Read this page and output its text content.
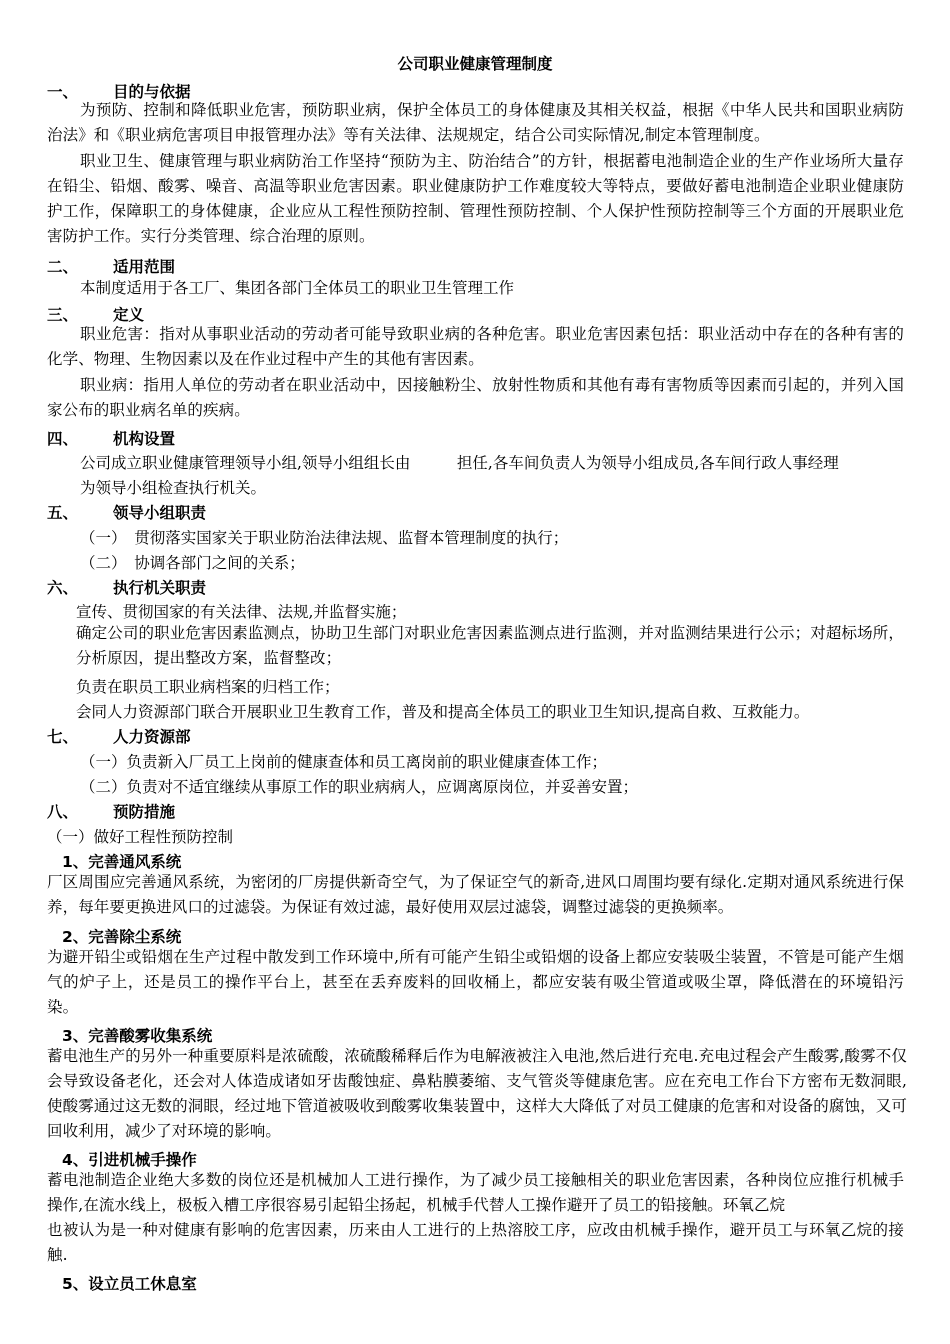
公司职业健康管理制度
一、 目的与依据

为预防、控制和降低职业危害，预防职业病，保护全体员工的身体健康及其相关权益，根据《中华人民共和国职业病防治法》和《职业病危害项目申报管理办法》等有关法律、法规规定，结合公司实际情况,制定本管理制度。

职业卫生、健康管理与职业病防治工作坚持“预防为主、防治结合”的方针，根据蓄电池制造企业的生产作业场所大量存在铅尘、铅烟、酸雾、噪音、高温等职业危害因素。职业健康防护工作难度较大等特点，要做好蓄电池制造企业职业健康防护工作，保障职工的身体健康，企业应从工程性预防控制、管理性预防控制、个人保护性预防控制等三个方面的开展职业危害防护工作。实行分类管理、综合治理的原则。

二、 适用范围

本制度适用于各工厂、集团各部门全体员工的职业卫生管理工作

三、 定义

职业危害：指对从事职业活动的劳动者可能导致职业病的各种危害。职业危害因素包括：职业活动中存在的各种有害的化学、物理、生物因素以及在作业过程中产生的其他有害因素。

职业病：指用人单位的劳动者在职业活动中，因接触粉尘、放射性物质和其他有毒有害物质等因素而引起的，并列入国家公布的职业病名单的疾病。

四、 机构设置

公司成立职业健康管理领导小组,领导小组组长由　　　担任,各车间负责人为领导小组成员,各车间行政人事经理

为领导小组检查执行机关。

五、 领导小组职责

（一）　贯彻落实国家关于职业防治法律法规、监督本管理制度的执行；

（二）　协调各部门之间的关系；

六、 执行机关职责

宣传、贯彻国家的有关法律、法规,并监督实施；

确定公司的职业危害因素监测点，协助卫生部门对职业危害因素监测点进行监测，并对监测结果进行公示；对超标场所，分析原因，提出整改方案，监督整改；

负责在职员工职业病档案的归档工作；

会同人力资源部门联合开展职业卫生教育工作，普及和提高全体员工的职业卫生知识,提高自救、互救能力。

七、 人力资源部

（一）负责新入厂员工上岗前的健康查体和员工离岗前的职业健康查体工作；

（二）负责对不适宜继续从事原工作的职业病病人，应调离原岗位，并妥善安置；

八、 预防措施

（一）做好工程性预防控制

1、完善通风系统

厂区周围应完善通风系统，为密闭的厂房提供新奇空气，为了保证空气的新奇,进风口周围均要有绿化.定期对通风系统进行保养，每年要更换进风口的过滤袋。为保证有效过滤，最好使用双层过滤袋，调整过滤袋的更换频率。

2、完善除尘系统

为避开铅尘或铅烟在生产过程中散发到工作环境中,所有可能产生铅尘或铅烟的设备上都应安装吸尘装置，不管是可能产生烟气的炉子上，还是员工的操作平台上，甚至在丢弃废料的回收桶上，都应安装有吸尘管道或吸尘罩，降低潜在的环境铅污染。

3、完善酸雾收集系统

蓄电池生产的另外一种重要原料是浓硫酸，浓硫酸稀释后作为电解液被注入电池,然后进行充电.充电过程会产生酸雾,酸雾不仅会导致设备老化，还会对人体造成诸如牙齿酸蚀症、鼻粘膜萎缩、支气管炎等健康危害。应在充电工作台下方密布无数洞眼,使酸雾通过这无数的洞眼，经过地下管道被吸收到酸雾收集装置中，这样大大降低了对员工健康的危害和对设备的腐蚀，又可回收利用，减少了对环境的影响。

4、引进机械手操作

蓄电池制造企业绝大多数的岗位还是机械加人工进行操作，为了减少员工接触相关的职业危害因素，各种岗位应推行机械手操作,在流水线上，极板入槽工序很容易引起铅尘扬起，机械手代替人工操作避开了员工的铅接触。环氧乙烷

也被认为是一种对健康有影响的危害因素，历来由人工进行的上热溶胶工序，应改由机械手操作，避开员工与环氧乙烷的接触.

5、设立员工休息室
